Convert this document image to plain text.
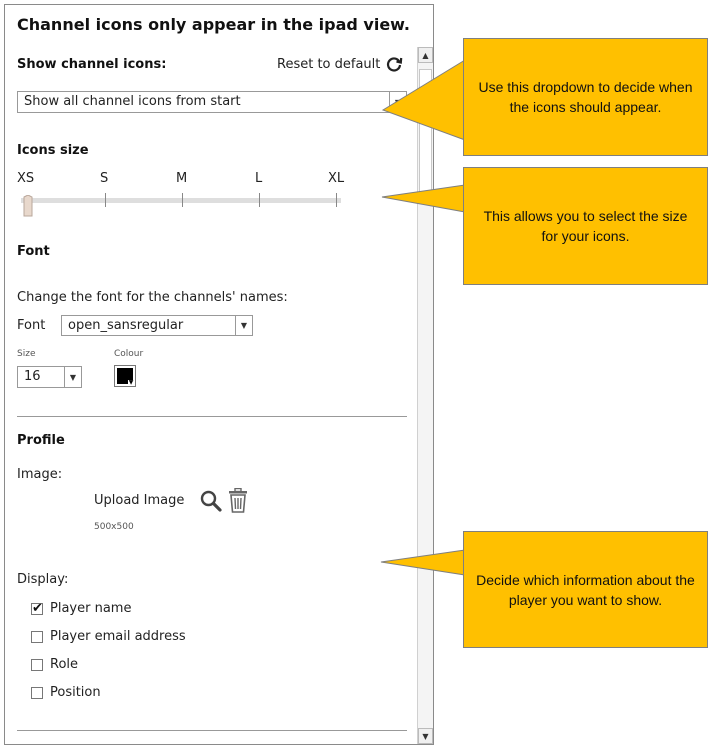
Channel icons only appear in the ipad view.
Show channel icons:	Reset to default
Show all channel icons from start
Icons size
XS	S	M	L	XL
Font
Change the font for the channels' names:
Font open_sansregular	▼
Size	Colour
16	▼
▼
Profile
Image:
Upload Image
500x500
Display:
✔ Player name
Player email address
Role
Position
▲
▼
Use this dropdown to decide when the icons should appear.
This allows you to select the size for your icons.
Decide which information about the player you want to show.
